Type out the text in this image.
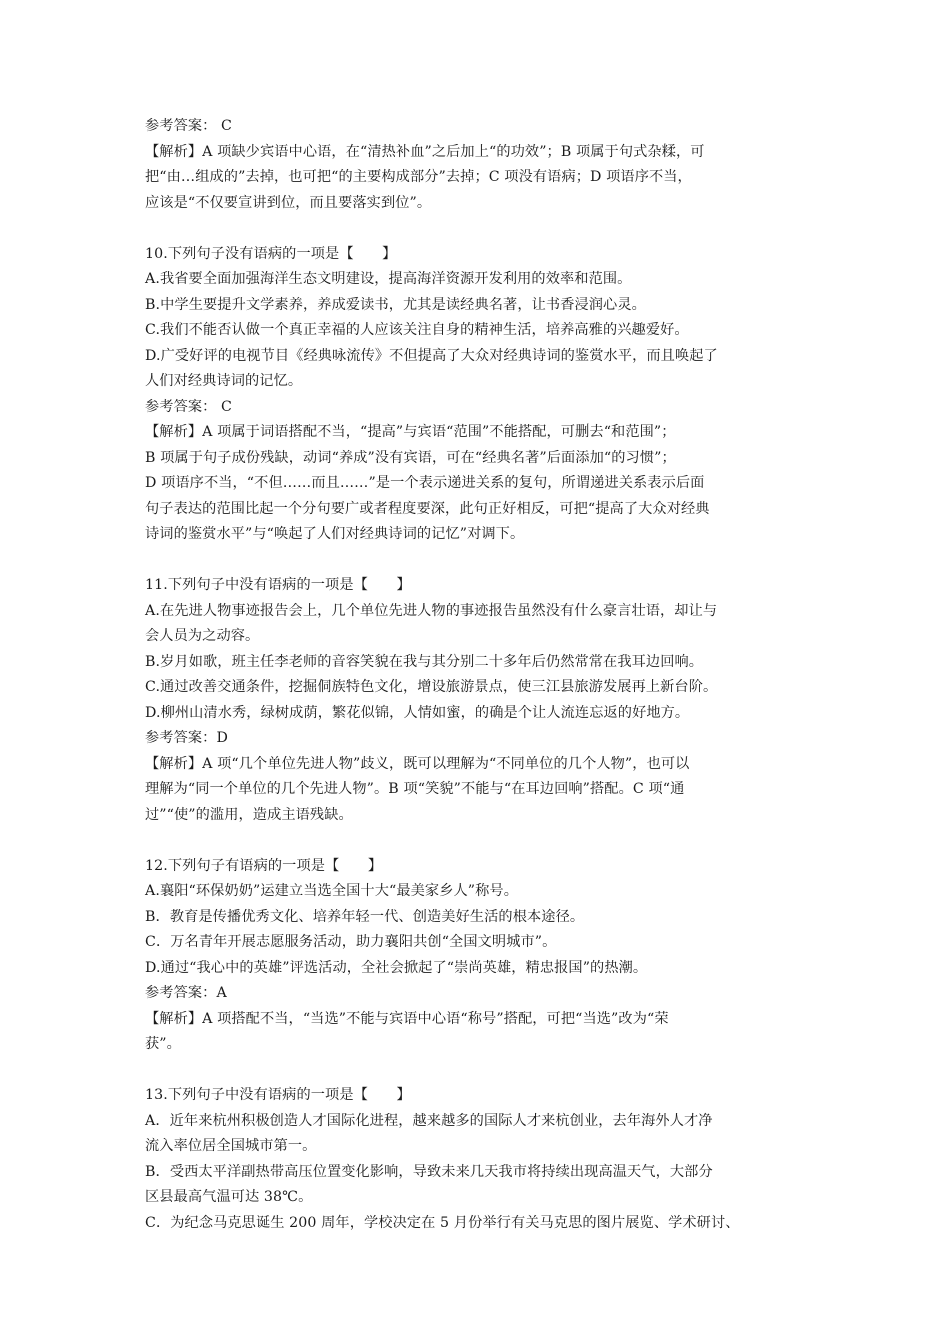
参考答案： C
【解析】A 项缺少宾语中心语，在“清热补血”之后加上“的功效”；B 项属于句式杂糅，可
把“由…组成的”去掉，也可把“的主要构成部分”去掉；C 项没有语病；D 项语序不当，
应该是“不仅要宣讲到位，而且要落实到位”。
10.下列句子没有语病的一项是【　　】
A.我省要全面加强海洋生态文明建设，提高海洋资源开发利用的效率和范围。
B.中学生要提升文学素养，养成爱读书，尤其是读经典名著，让书香浸润心灵。
C.我们不能否认做一个真正幸福的人应该关注自身的精神生活，培养高雅的兴趣爱好。
D.广受好评的电视节目《经典咏流传》不但提高了大众对经典诗词的鉴赏水平，而且唤起了
人们对经典诗词的记忆。
参考答案： C
【解析】A 项属于词语搭配不当，“提高”与宾语“范围”不能搭配，可删去“和范围”；
B 项属于句子成份残缺，动词“养成”没有宾语，可在“经典名著”后面添加“的习惯”；
D 项语序不当，“不但……而且……”是一个表示递进关系的复句，所谓递进关系表示后面
句子表达的范围比起一个分句要广或者程度要深，此句正好相反，可把“提高了大众对经典
诗词的鉴赏水平”与“唤起了人们对经典诗词的记忆”对调下。
11.下列句子中没有语病的一项是【　　】
A.在先进人物事迹报告会上，几个单位先进人物的事迹报告虽然没有什么豪言壮语，却让与
会人员为之动容。
B.岁月如歌，班主任李老师的音容笑貌在我与其分别二十多年后仍然常常在我耳边回响。
C.通过改善交通条件，挖掘侗族特色文化，增设旅游景点，使三江县旅游发展再上新台阶。
D.柳州山清水秀，绿树成荫，繁花似锦，人情如蜜，的确是个让人流连忘返的好地方。
参考答案：D
【解析】A 项“几个单位先进人物”歧义，既可以理解为“不同单位的几个人物”，也可以
理解为“同一个单位的几个先进人物”。B 项“笑貌”不能与“在耳边回响”搭配。C 项“通
过”“使”的滥用，造成主语残缺。
12.下列句子有语病的一项是【　　】
A.襄阳“环保奶奶”运建立当选全国十大“最美家乡人”称号。
B．教育是传播优秀文化、培养年轻一代、创造美好生活的根本途径。
C．万名青年开展志愿服务活动，助力襄阳共创“全国文明城市”。
D.通过“我心中的英雄”评选活动，全社会掀起了“崇尚英雄，精忠报国”的热潮。
参考答案：A
【解析】A 项搭配不当，“当选”不能与宾语中心语“称号”搭配，可把“当选”改为“荣
获”。
13.下列句子中没有语病的一项是【　　】
A．近年来杭州积极创造人才国际化进程，越来越多的国际人才来杭创业，去年海外人才净
流入率位居全国城市第一。
B．受西太平洋副热带高压位置变化影响，导致未来几天我市将持续出现高温天气，大部分
区县最高气温可达 38℃。
C．为纪念马克思诞生 200 周年，学校决定在 5 月份举行有关马克思的图片展览、学术研讨、
